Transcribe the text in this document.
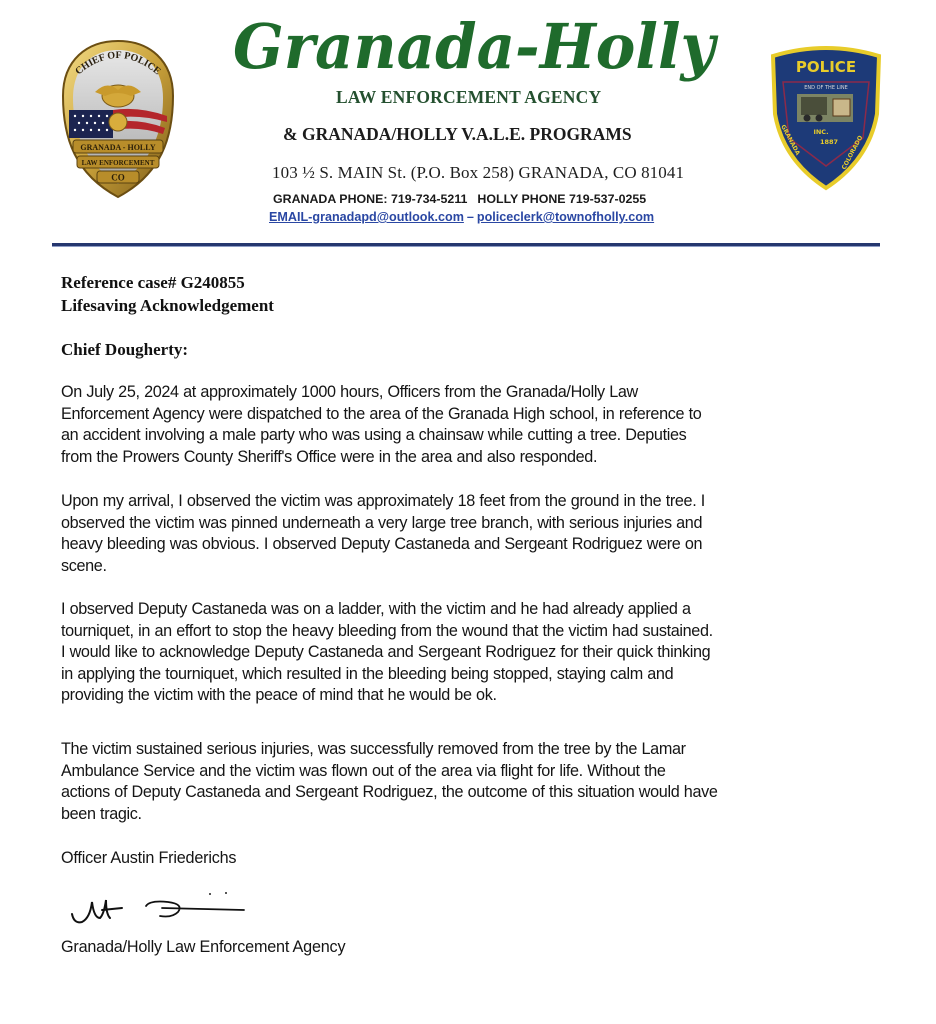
CHIEF OF POLICE
GRANADA - HOLLY
LAW ENFORCEMENT
CO
Granada-Holly
LAW ENFORCEMENT AGENCY
& GRANADA/HOLLY V.A.L.E. PROGRAMS
103 ½ S. MAIN St. (P.O. Box 258) GRANADA, CO 81041
GRANADA PHONE: 719-734-5211 HOLLY PHONE 719-537-0255
EMAIL-granadapd@outlook.com – policeclerk@townofholly.com
POLICE
END OF THE LINE
GRANADA	COLORADO
INC.
1887
Reference case# G240855
Lifesaving Acknowledgement
Chief Dougherty:
On July 25, 2024 at approximately 1000 hours, Officers from the Granada/Holly Law
Enforcement Agency were dispatched to the area of the Granada High school, in reference to
an accident involving a male party who was using a chainsaw while cutting a tree. Deputies
from the Prowers County Sheriff's Office were in the area and also responded.
Upon my arrival, I observed the victim was approximately 18 feet from the ground in the tree. I
observed the victim was pinned underneath a very large tree branch, with serious injuries and
heavy bleeding was obvious. I observed Deputy Castaneda and Sergeant Rodriguez were on
scene.
I observed Deputy Castaneda was on a ladder, with the victim and he had already applied a
tourniquet, in an effort to stop the heavy bleeding from the wound that the victim had sustained.
I would like to acknowledge Deputy Castaneda and Sergeant Rodriguez for their quick thinking
in applying the tourniquet, which resulted in the bleeding being stopped, staying calm and
providing the victim with the peace of mind that he would be ok.
The victim sustained serious injuries, was successfully removed from the tree by the Lamar
Ambulance Service and the victim was flown out of the area via flight for life. Without the
actions of Deputy Castaneda and Sergeant Rodriguez, the outcome of this situation would have
been tragic.
Officer Austin Friederichs
Granada/Holly Law Enforcement Agency
